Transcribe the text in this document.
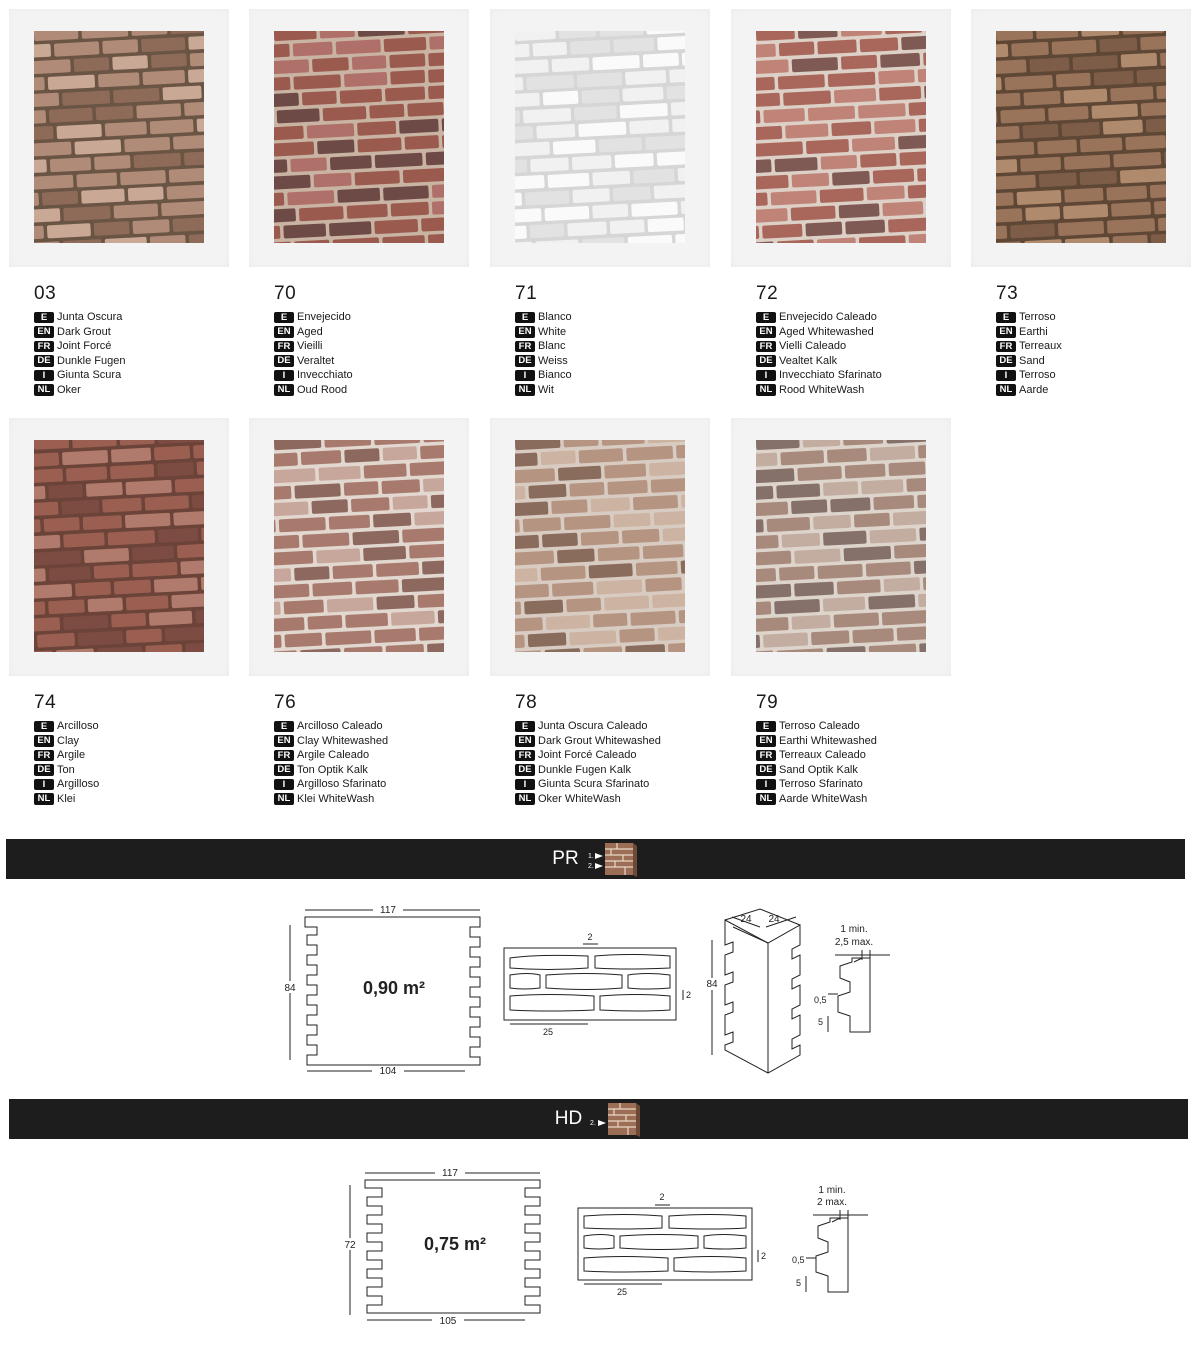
03
E Junta Oscura
EN Dark Grout
FR Joint Forcé
DE Dunkle Fugen
I	Giunta Scura
NL Oker
70
E Envejecido
EN Aged
FR Vieilli
DE Veraltet
I	Invecchiato
NL Oud Rood
71
E Blanco
EN White
FR Blanc
DE Weiss
I	Bianco
NL Wit
72
E Envejecido Caleado
EN Aged Whitewashed
FR Vielli Caleado
DE Vealtet Kalk
I	Invecchiato Sfarinato
NL Rood WhiteWash
73
E Terroso
EN Earthi
FR Terreaux
DE Sand
I	Terroso
NL Aarde
74
E Arcilloso
EN Clay
FR Argile
DE Ton
I	Argilloso
NL Klei
76
E Arcilloso Caleado
EN Clay Whitewashed
FR Argile Caleado
DE Ton Optik Kalk
I	Argilloso Sfarinato
NL Klei WhiteWash
78
E Junta Oscura Caleado
EN Dark Grout Whitewashed
FR Joint Forcé Caleado
DE Dunkle Fugen Kalk
I	Giunta Scura Sfarinato
NL Oker WhiteWash
79
E Terroso Caleado
EN Earthi Whitewashed
FR Terreaux Caleado
DE Sand Optik Kalk
I	Terroso Sfarinato
NL Aarde WhiteWash
PR 1.
2.
117
104
84	0,90 m²
2
25
2
84
24 24
1 min.
2,5 max.
0,5
5
HD 2.
117
105
72	0,75 m²
2
25
2
1 min.
2 max.
0,5
5
